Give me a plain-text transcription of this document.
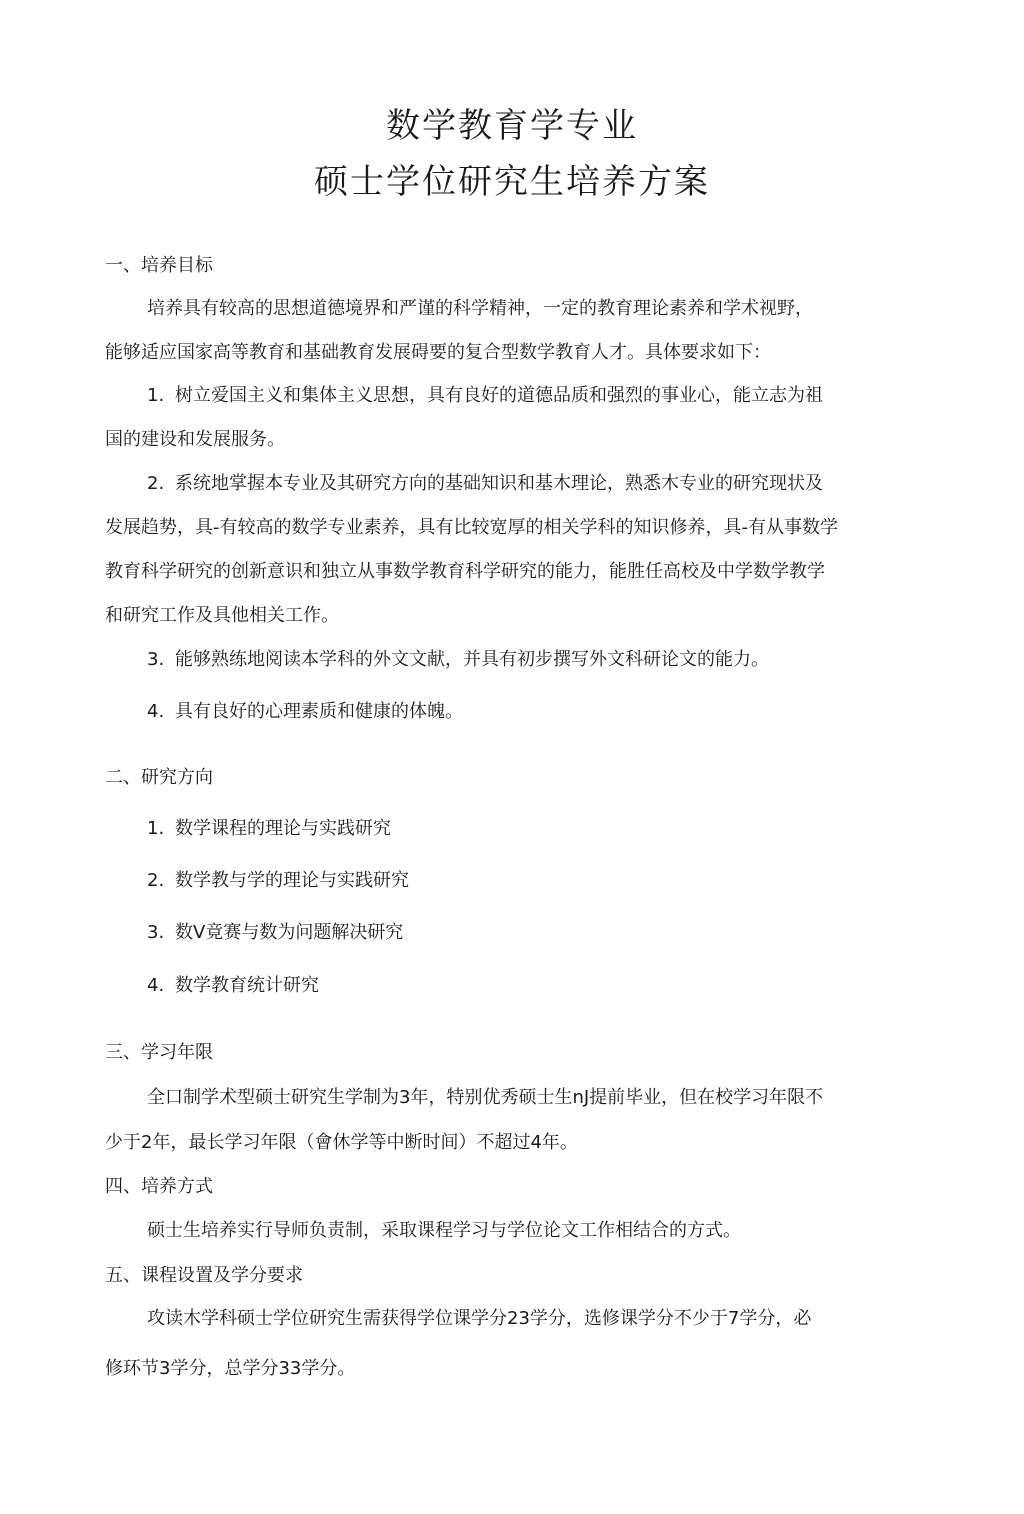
数学教育学专业
硕士学位研究生培养方案
一、培养目标
培养具有较高的思想道德境界和严谨的科学精神，一定的教育理论素养和学术视野，
能够适应国家高等教育和基础教育发展碍要的复合型数学教育人才。具体要求如下：
1. 树立爱国主义和集体主义思想，具有良好的道德品质和强烈的事业心，能立志为祖
国的建设和发展服务。
2. 系统地掌握本专业及其研究方向的基础知识和基木理论，熟悉木专业的研究现状及
发展趋势，具-有较高的数学专业素养，具有比较宽厚的相关学科的知识修养，具-有从事数学
教育科学研究的创新意识和独立从事数学教育科学研究的能力，能胜任高校及中学数学教学
和研究工作及具他相关工作。
3. 能够熟练地阅读本学科的外文文献，并具有初步撰写外文科研论文的能力。
4. 具有良好的心理素质和健康的体魄。
二、研究方向
1. 数学课程的理论与实践研究
2. 数学教与学的理论与实践研究
3. 数V竟赛与数为问题解决研究
4. 数学教育统计研究
三、学习年限
全口制学术型硕士研究生学制为3年，特别优秀硕士生nJ提前毕业，但在校学习年限不
少于2年，最长学习年限（會休学等中断时间）不超过4年。
四、培养方式
硕士生培养实行导师负责制，采取课程学习与学位论文工作相结合的方式。
五、课程设置及学分要求
攻读木学科硕士学位研究生需获得学位课学分23学分，选修课学分不少于7学分，必
修环节3学分，总学分33学分。
